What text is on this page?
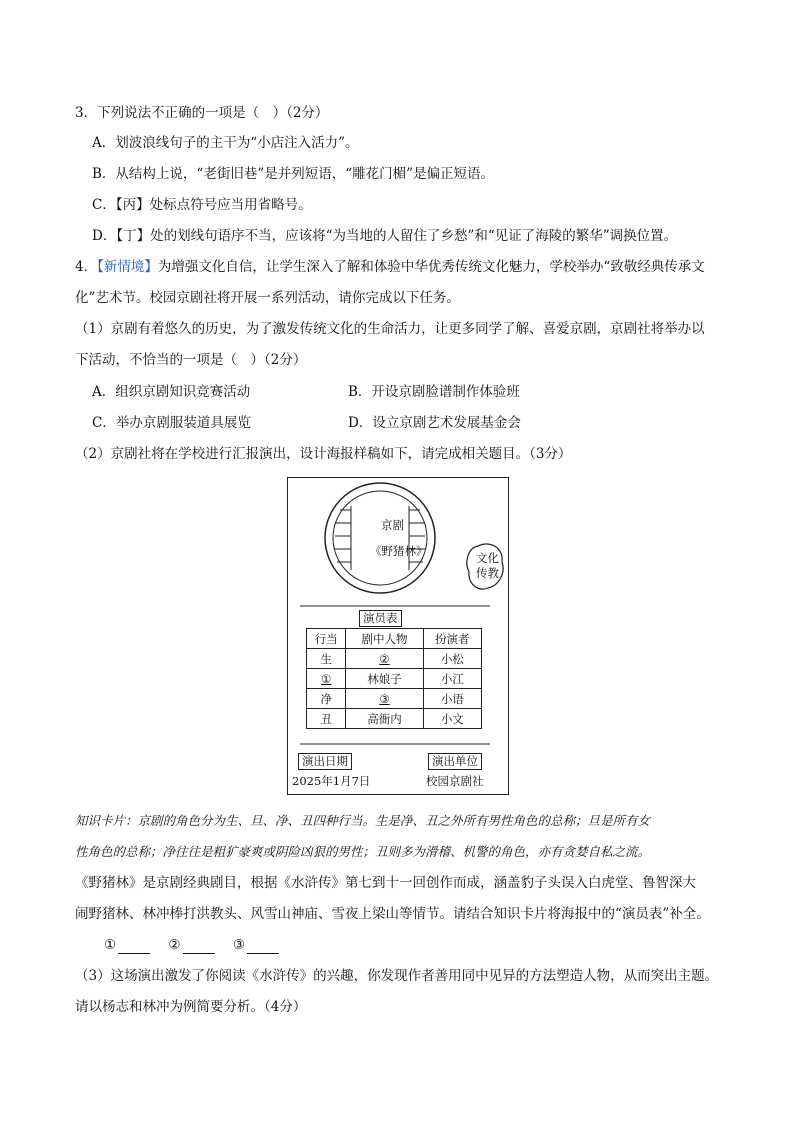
3．下列说法不正确的一项是（　）（2分）
A．划波浪线句子的主干为“小店注入活力”。
B．从结构上说，“老街旧巷”是并列短语，“雕花门楣”是偏正短语。
C．【丙】处标点符号应当用省略号。
D．【丁】处的划线句语序不当，应该将“为当地的人留住了乡愁”和“见证了海陵的繁华”调换位置。
4．【新情境】为增强文化自信，让学生深入了解和体验中华优秀传统文化魅力，学校举办“致敬经典传承文
化”艺术节。校园京剧社将开展一系列活动，请你完成以下任务。
（1）京剧有着悠久的历史，为了激发传统文化的生命活力，让更多同学了解、喜爱京剧，京剧社将举办以
下活动，不恰当的一项是（　）（2分）
A．组织京剧知识竞赛活动	B．开设京剧脸谱制作体验班
C．举办京剧服装道具展览	D．设立京剧艺术发展基金会
（2）京剧社将在学校进行汇报演出，设计海报样稿如下，请完成相关题目。（3分）
京剧
《野猪林》	文化
传教
演员表
行当	剧中人物	扮演者
生	②	小松
①	林娘子	小江
净	③	小语
丑	高衙内	小文
演出日期
2025年1月7日
演出单位
校园京剧社
知识卡片：京剧的角色分为生、旦、净、丑四种行当。生是净、丑之外所有男性角色的总称；旦是所有女
性角色的总称；净往往是粗犷豪爽或阴险凶狠的男性；丑则多为滑稽、机警的角色，亦有贪婪自私之流。
《野猪林》是京剧经典剧目，根据《水浒传》第七到十一回创作而成，涵盖豹子头误入白虎堂、鲁智深大
闹野猪林、林冲棒打洪教头、风雪山神庙、雪夜上梁山等情节。请结合知识卡片将海报中的“演员表”补全。
①	②	③
（3）这场演出激发了你阅读《水浒传》的兴趣，你发现作者善用同中见异的方法塑造人物，从而突出主题。
请以杨志和林冲为例简要分析。（4分）
